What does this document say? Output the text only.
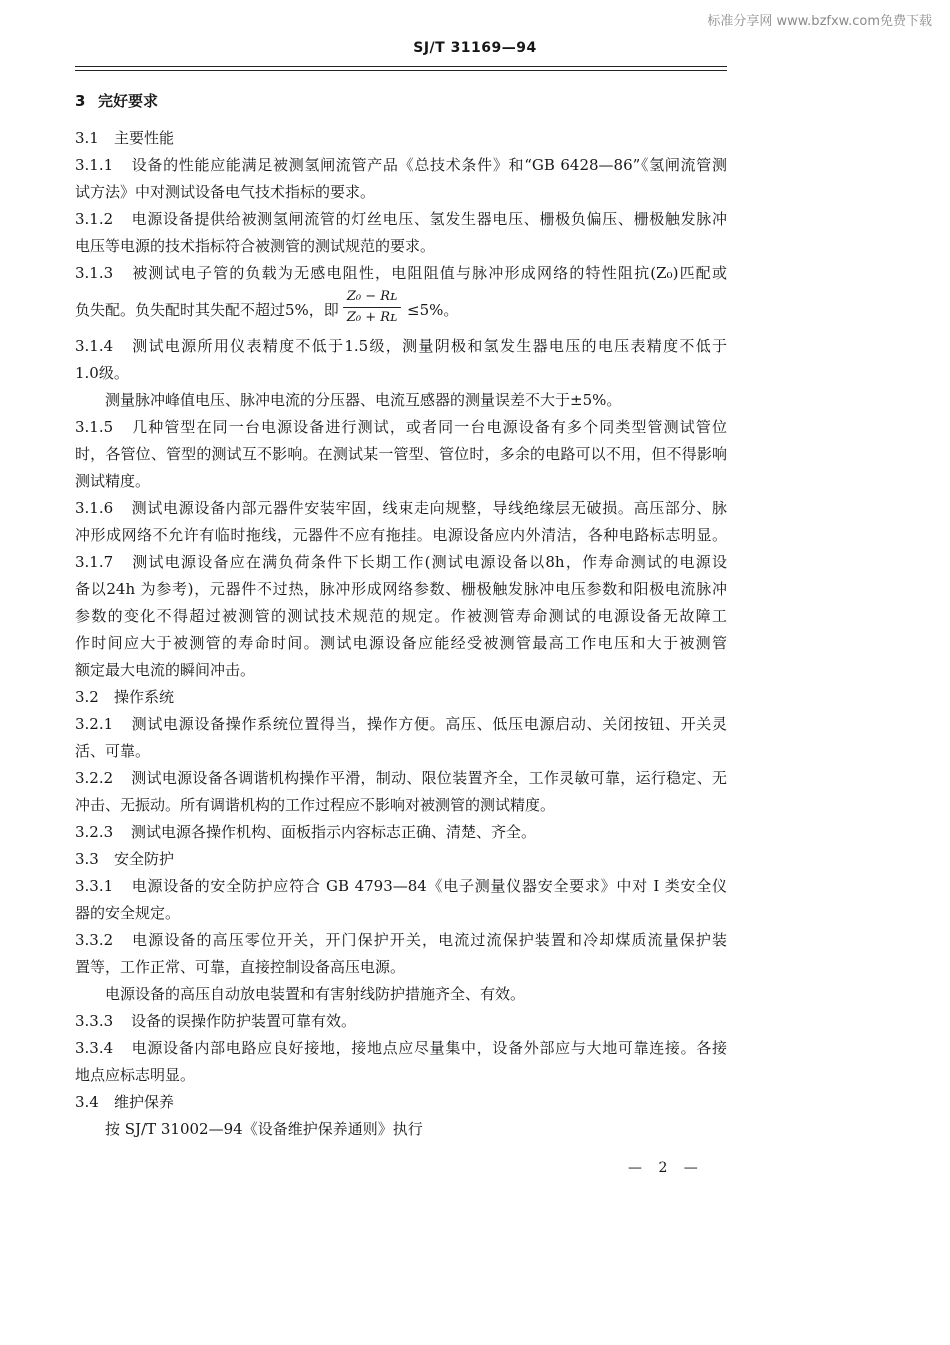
标准分享网 www.bzfxw.com免费下载
SJ/T 31169—94
3 完好要求
3.1 主要性能
3.1.1 设备的性能应能满足被测氢闸流管产品《总技术条件》和“GB 6428—86”《氢闸流管测
试方法》中对测试设备电气技术指标的要求。
3.1.2 电源设备提供给被测氢闸流管的灯丝电压、氢发生器电压、栅极负偏压、栅极触发脉冲
电压等电源的技术指标符合被测管的测试规范的要求。
3.1.3 被测试电子管的负载为无感电阻性，电阻阻值与脉冲形成网络的特性阻抗(Z₀)匹配或
负失配。负失配时其失配不超过5%，即 $\frac{\text{Z₀ − Rʟ}}{\text{Z₀ + Rʟ}} \le 5\%$。
3.1.4 测试电源所用仪表精度不低于1.5级，测量阴极和氢发生器电压的电压表精度不低于
1.0级。
测量脉冲峰值电压、脉冲电流的分压器、电流互感器的测量误差不大于±5%。
3.1.5 几种管型在同一台电源设备进行测试，或者同一台电源设备有多个同类型管测试管位
时，各管位、管型的测试互不影响。在测试某一管型、管位时，多余的电路可以不用，但不得影响
测试精度。
3.1.6 测试电源设备内部元器件安装牢固，线束走向规整，导线绝缘层无破损。高压部分、脉
冲形成网络不允许有临时拖线，元器件不应有拖挂。电源设备应内外清洁，各种电路标志明显。
3.1.7 测试电源设备应在满负荷条件下长期工作(测试电源设备以8h，作寿命测试的电源设
备以24h 为参考)，元器件不过热，脉冲形成网络参数、栅极触发脉冲电压参数和阳极电流脉冲
参数的变化不得超过被测管的测试技术规范的规定。作被测管寿命测试的电源设备无故障工
作时间应大于被测管的寿命时间。测试电源设备应能经受被测管最高工作电压和大于被测管
额定最大电流的瞬间冲击。
3.2 操作系统
3.2.1 测试电源设备操作系统位置得当，操作方便。高压、低压电源启动、关闭按钮、开关灵
活、可靠。
3.2.2 测试电源设备各调谐机构操作平滑，制动、限位装置齐全，工作灵敏可靠，运行稳定、无
冲击、无振动。所有调谐机构的工作过程应不影响对被测管的测试精度。
3.2.3 测试电源各操作机构、面板指示内容标志正确、清楚、齐全。
3.3 安全防护
3.3.1 电源设备的安全防护应符合 GB 4793—84《电子测量仪器安全要求》中对 I 类安全仪
器的安全规定。
3.3.2 电源设备的高压零位开关，开门保护开关，电流过流保护装置和冷却煤质流量保护装
置等，工作正常、可靠，直接控制设备高压电源。
电源设备的高压自动放电装置和有害射线防护措施齐全、有效。
3.3.3 设备的误操作防护装置可靠有效。
3.3.4 电源设备内部电路应良好接地，接地点应尽量集中，设备外部应与大地可靠连接。各接
地点应标志明显。
3.4 维护保养
按 SJ/T 31002—94《设备维护保养通则》执行
— 2 —
